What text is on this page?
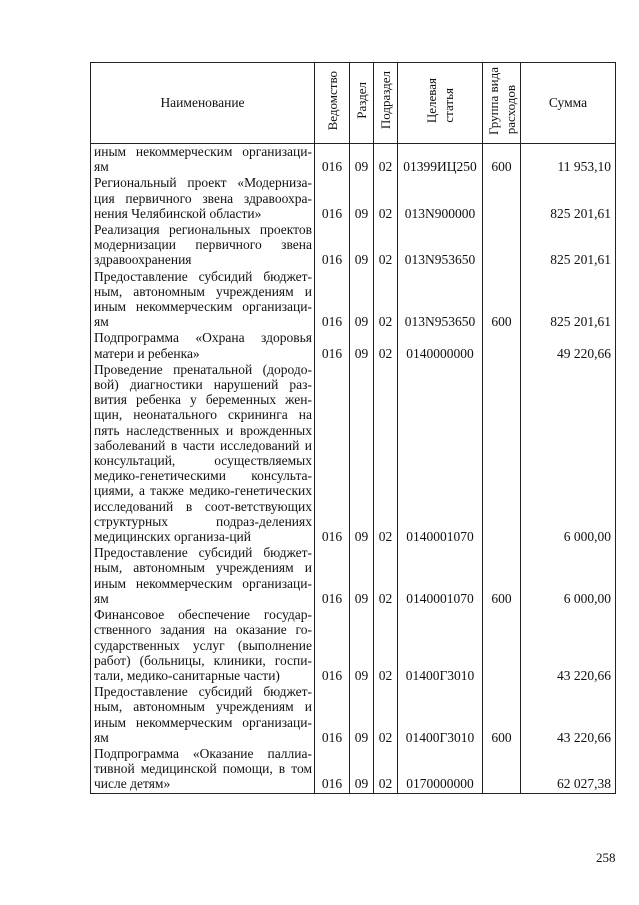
Наименование	Ведомство	Раздел	Подраздел	Целевая статья	Группа вида расходов	Сумма
иным некоммерческим организаци-ям	016	09	02	01399ИЦ250	600	11 953,10
Региональный проект «Модерниза-ция первичного звена здравоохра-нения Челябинской области»	016	09	02	013N900000		825 201,61
Реализация региональных проектов модернизации первичного звена здравоохранения	016	09	02	013N953650		825 201,61
Предоставление субсидий бюджет-ным, автономным учреждениям и иным некоммерческим организаци-ям	016	09	02	013N953650	600	825 201,61
Подпрограмма «Охрана здоровья матери и ребенка»	016	09	02	0140000000		49 220,66
Проведение пренатальной (дородо-вой) диагностики нарушений раз-вития ребенка у беременных жен-щин, неонатального скрининга на пять наследственных и врожденных заболеваний в части исследований и консультаций, осуществляемых медико-генетическими консульта-циями, а также медико-генетических исследований в соот-ветствующих структурных подраз-делениях медицинских организа-ций	016	09	02	0140001070		6 000,00
Предоставление субсидий бюджет-ным, автономным учреждениям и иным некоммерческим организаци-ям	016	09	02	0140001070	600	6 000,00
Финансовое обеспечение государ-ственного задания на оказание го-сударственных услуг (выполнение работ) (больницы, клиники, госпи-тали, медико-санитарные части)	016	09	02	01400Г3010		43 220,66
Предоставление субсидий бюджет-ным, автономным учреждениям и иным некоммерческим организаци-ям	016	09	02	01400Г3010	600	43 220,66
Подпрограмма «Оказание паллиа-тивной медицинской помощи, в том числе детям»	016	09	02	0170000000		62 027,38
258
